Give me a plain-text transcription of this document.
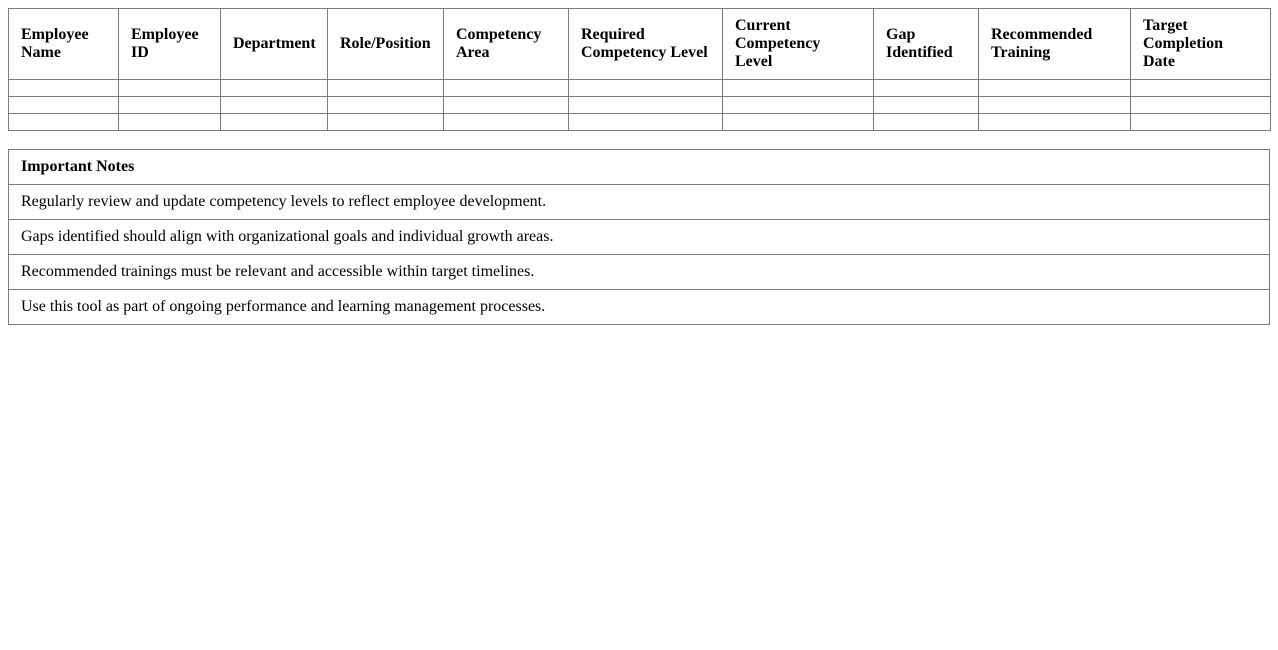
Employee Name	Employee ID	Department	Role/Position	Competency Area	Required Competency Level	Current Competency Level	Gap Identified	Recommended Training	Target Completion Date

Important Notes
Regularly review and update competency levels to reflect employee development.
Gaps identified should align with organizational goals and individual growth areas.
Recommended trainings must be relevant and accessible within target timelines.
Use this tool as part of ongoing performance and learning management processes.
